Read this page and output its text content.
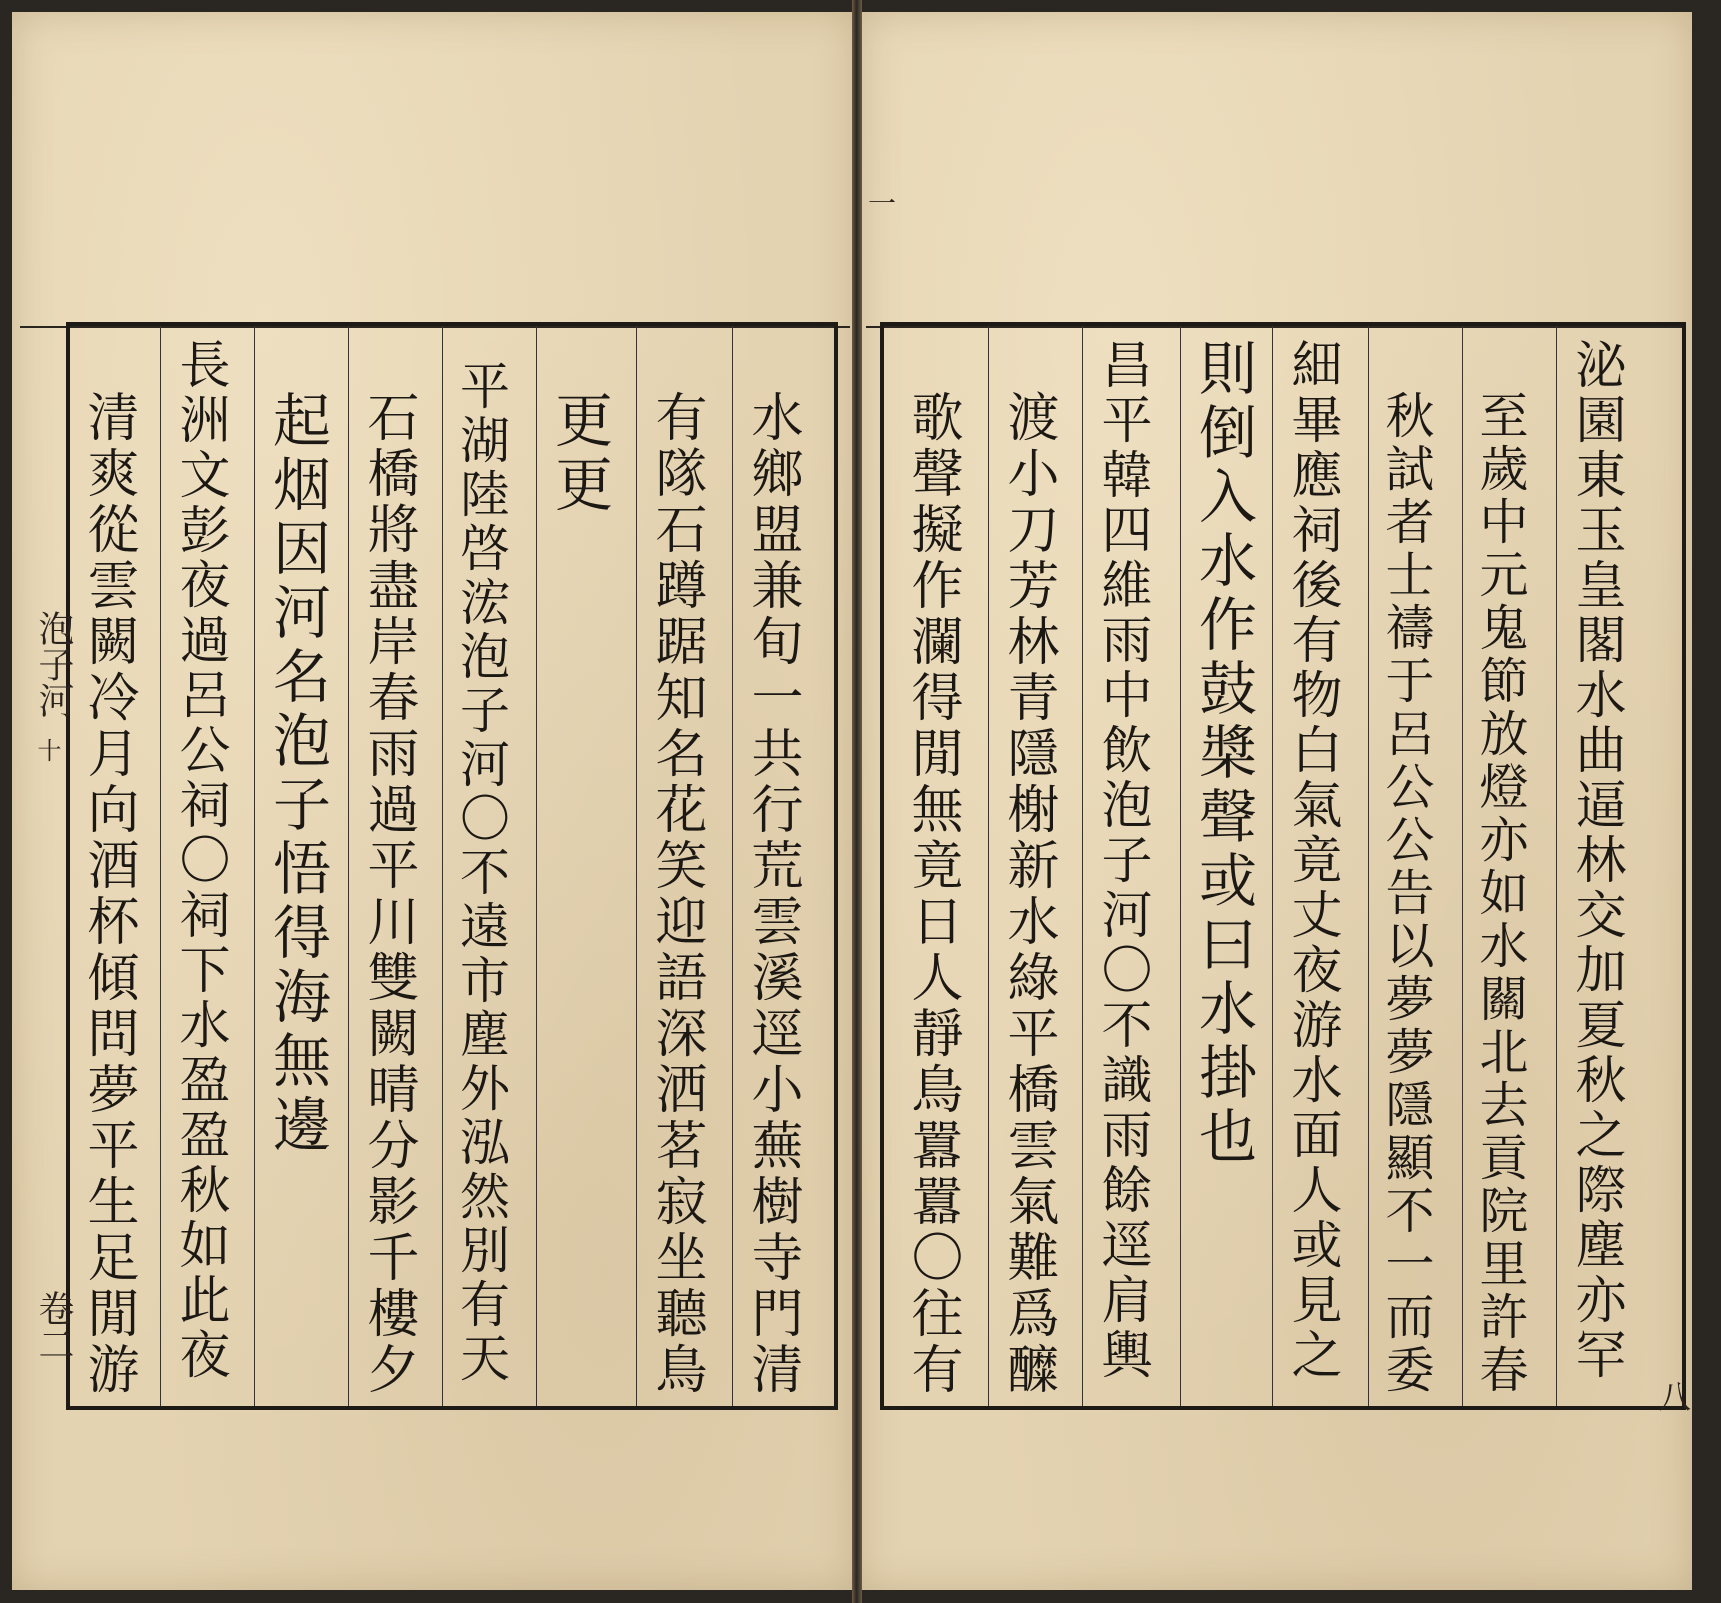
一
泡子河
十
卷二
八
水鄉盟兼旬一共行荒雲溪逕小蕪樹寺門清
有隊石蹲踞知名花笑迎語深洒茗寂坐聽鳥
更更
平湖陸啓浤泡子河〇不遠市塵外泓然別有天
石橋將盡岸春雨過平川雙闕晴分影千樓夕
起烟因河名泡子悟得海無邊
長洲文彭夜過呂公祠〇祠下水盈盈秋如此夜
清爽從雲闕冷月向酒杯傾問夢平生足閒游	泌園東玉皇閣水曲逼林交加夏秋之際塵亦罕
至歲中元鬼節放燈亦如水關北去貢院里許春
秋試者士禱于呂公公告以夢夢隱顯不一而委
細畢應祠後有物白氣竟丈夜游水面人或見之
則倒入水作鼓槳聲或曰水掛也
昌平韓四維雨中飲泡子河〇不識雨餘逕肩輿
渡小刀芳林青隱榭新水綠平橋雲氣難爲醾
歌聲擬作瀾得閒無竟日人靜鳥囂囂〇往有
